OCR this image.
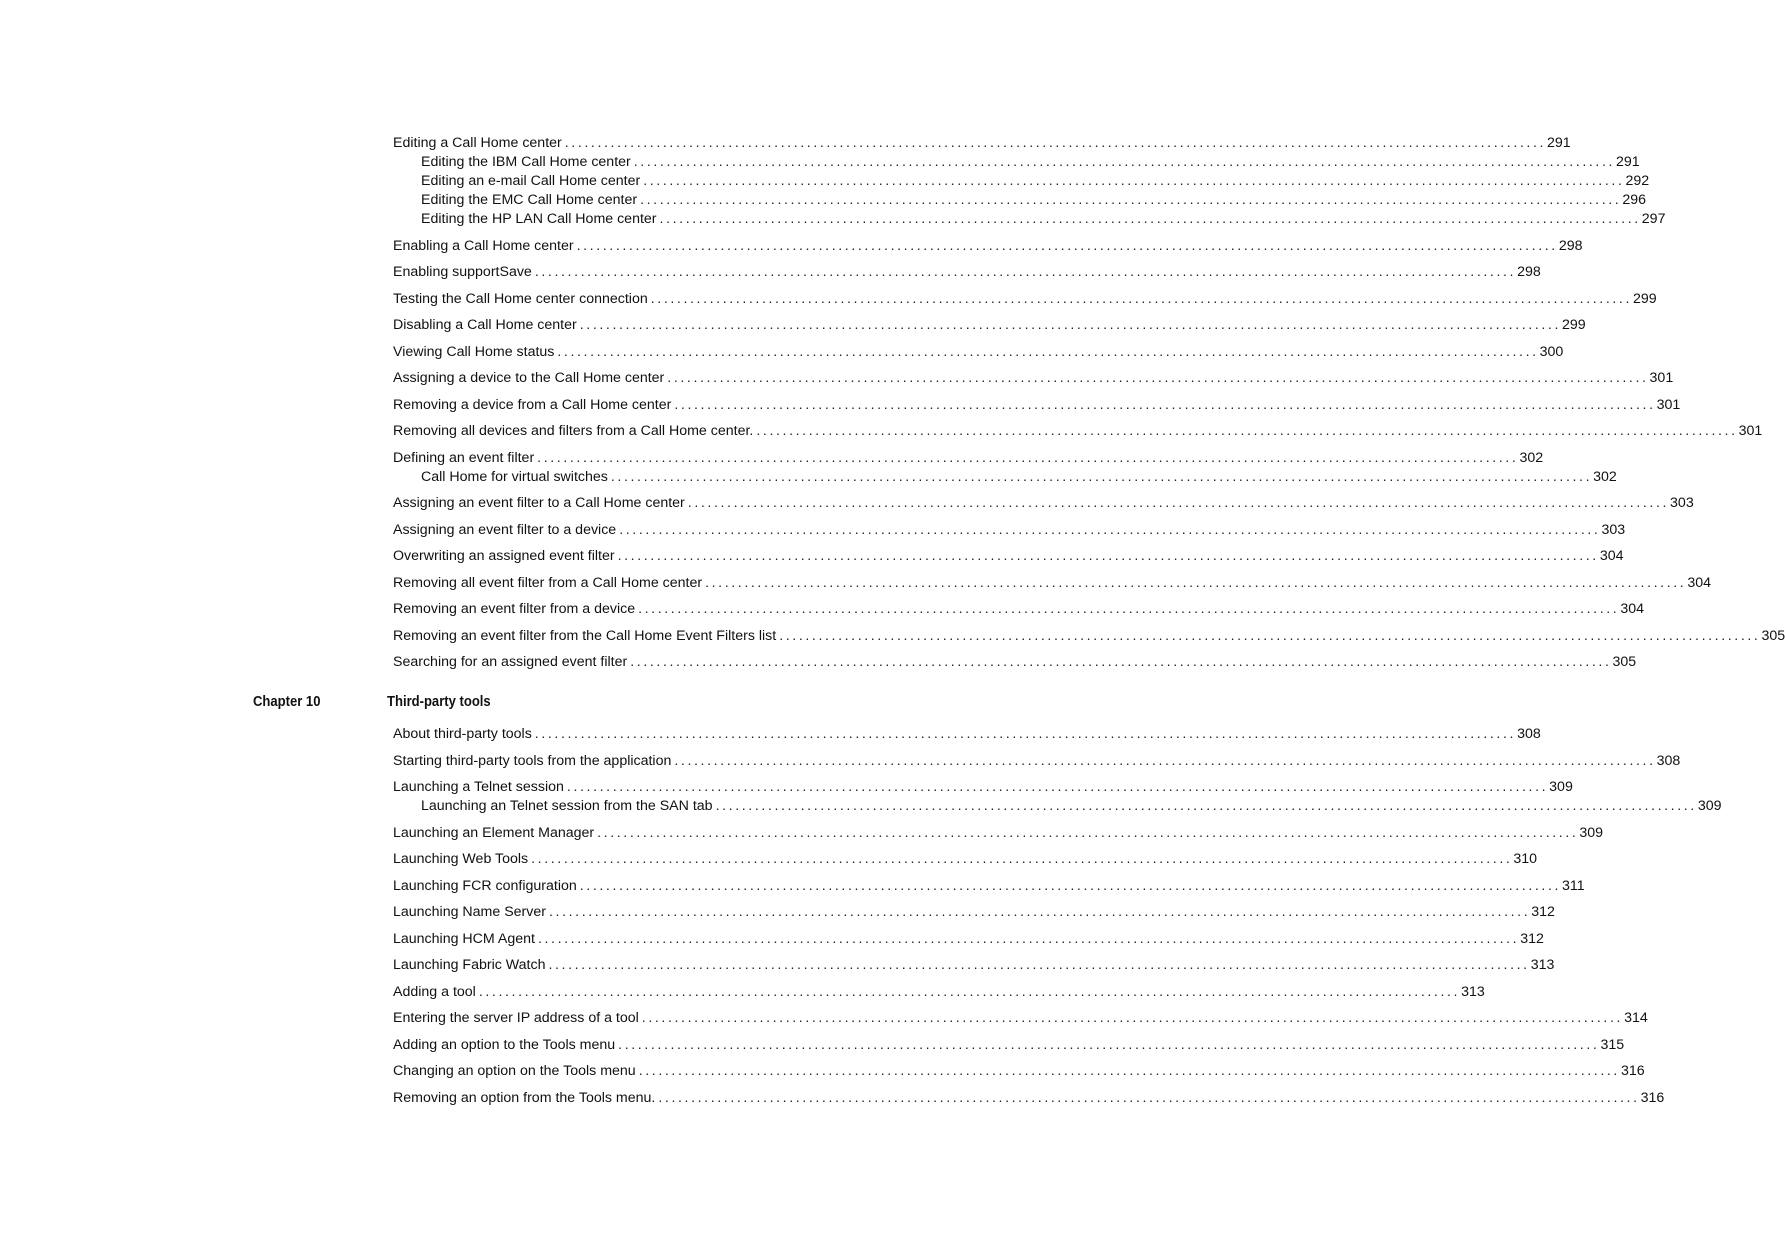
Editing a Call Home center ...................................................................................................................................................... 291
Editing the IBM Call Home center ...................................................................................................................................................... 291
Editing an e-mail Call Home center ...................................................................................................................................................... 292
Editing the EMC Call Home center ...................................................................................................................................................... 296
Editing the HP LAN Call Home center ...................................................................................................................................................... 297
Enabling a Call Home center ...................................................................................................................................................... 298
Enabling supportSave ...................................................................................................................................................... 298
Testing the Call Home center connection ...................................................................................................................................................... 299
Disabling a Call Home center ...................................................................................................................................................... 299
Viewing Call Home status ...................................................................................................................................................... 300
Assigning a device to the Call Home center ...................................................................................................................................................... 301
Removing a device from a Call Home center ...................................................................................................................................................... 301
Removing all devices and filters from a Call Home center. ...................................................................................................................................................... 301
Defining an event filter ...................................................................................................................................................... 302
Call Home for virtual switches ...................................................................................................................................................... 302
Assigning an event filter to a Call Home center ...................................................................................................................................................... 303
Assigning an event filter to a device ...................................................................................................................................................... 303
Overwriting an assigned event filter ...................................................................................................................................................... 304
Removing all event filter from a Call Home center ...................................................................................................................................................... 304
Removing an event filter from a device ...................................................................................................................................................... 304
Removing an event filter from the Call Home Event Filters list ...................................................................................................................................................... 305
Searching for an assigned event filter ...................................................................................................................................................... 305
Chapter 10	Third-party tools
About third-party tools ...................................................................................................................................................... 308
Starting third-party tools from the application ...................................................................................................................................................... 308
Launching a Telnet session ...................................................................................................................................................... 309
Launching an Telnet session from the SAN tab ...................................................................................................................................................... 309
Launching an Element Manager ...................................................................................................................................................... 309
Launching Web Tools ...................................................................................................................................................... 310
Launching FCR configuration ...................................................................................................................................................... 311
Launching Name Server ...................................................................................................................................................... 312
Launching HCM Agent ...................................................................................................................................................... 312
Launching Fabric Watch ...................................................................................................................................................... 313
Adding a tool ...................................................................................................................................................... 313
Entering the server IP address of a tool ...................................................................................................................................................... 314
Adding an option to the Tools menu ...................................................................................................................................................... 315
Changing an option on the Tools menu ...................................................................................................................................................... 316
Removing an option from the Tools menu. ...................................................................................................................................................... 316
